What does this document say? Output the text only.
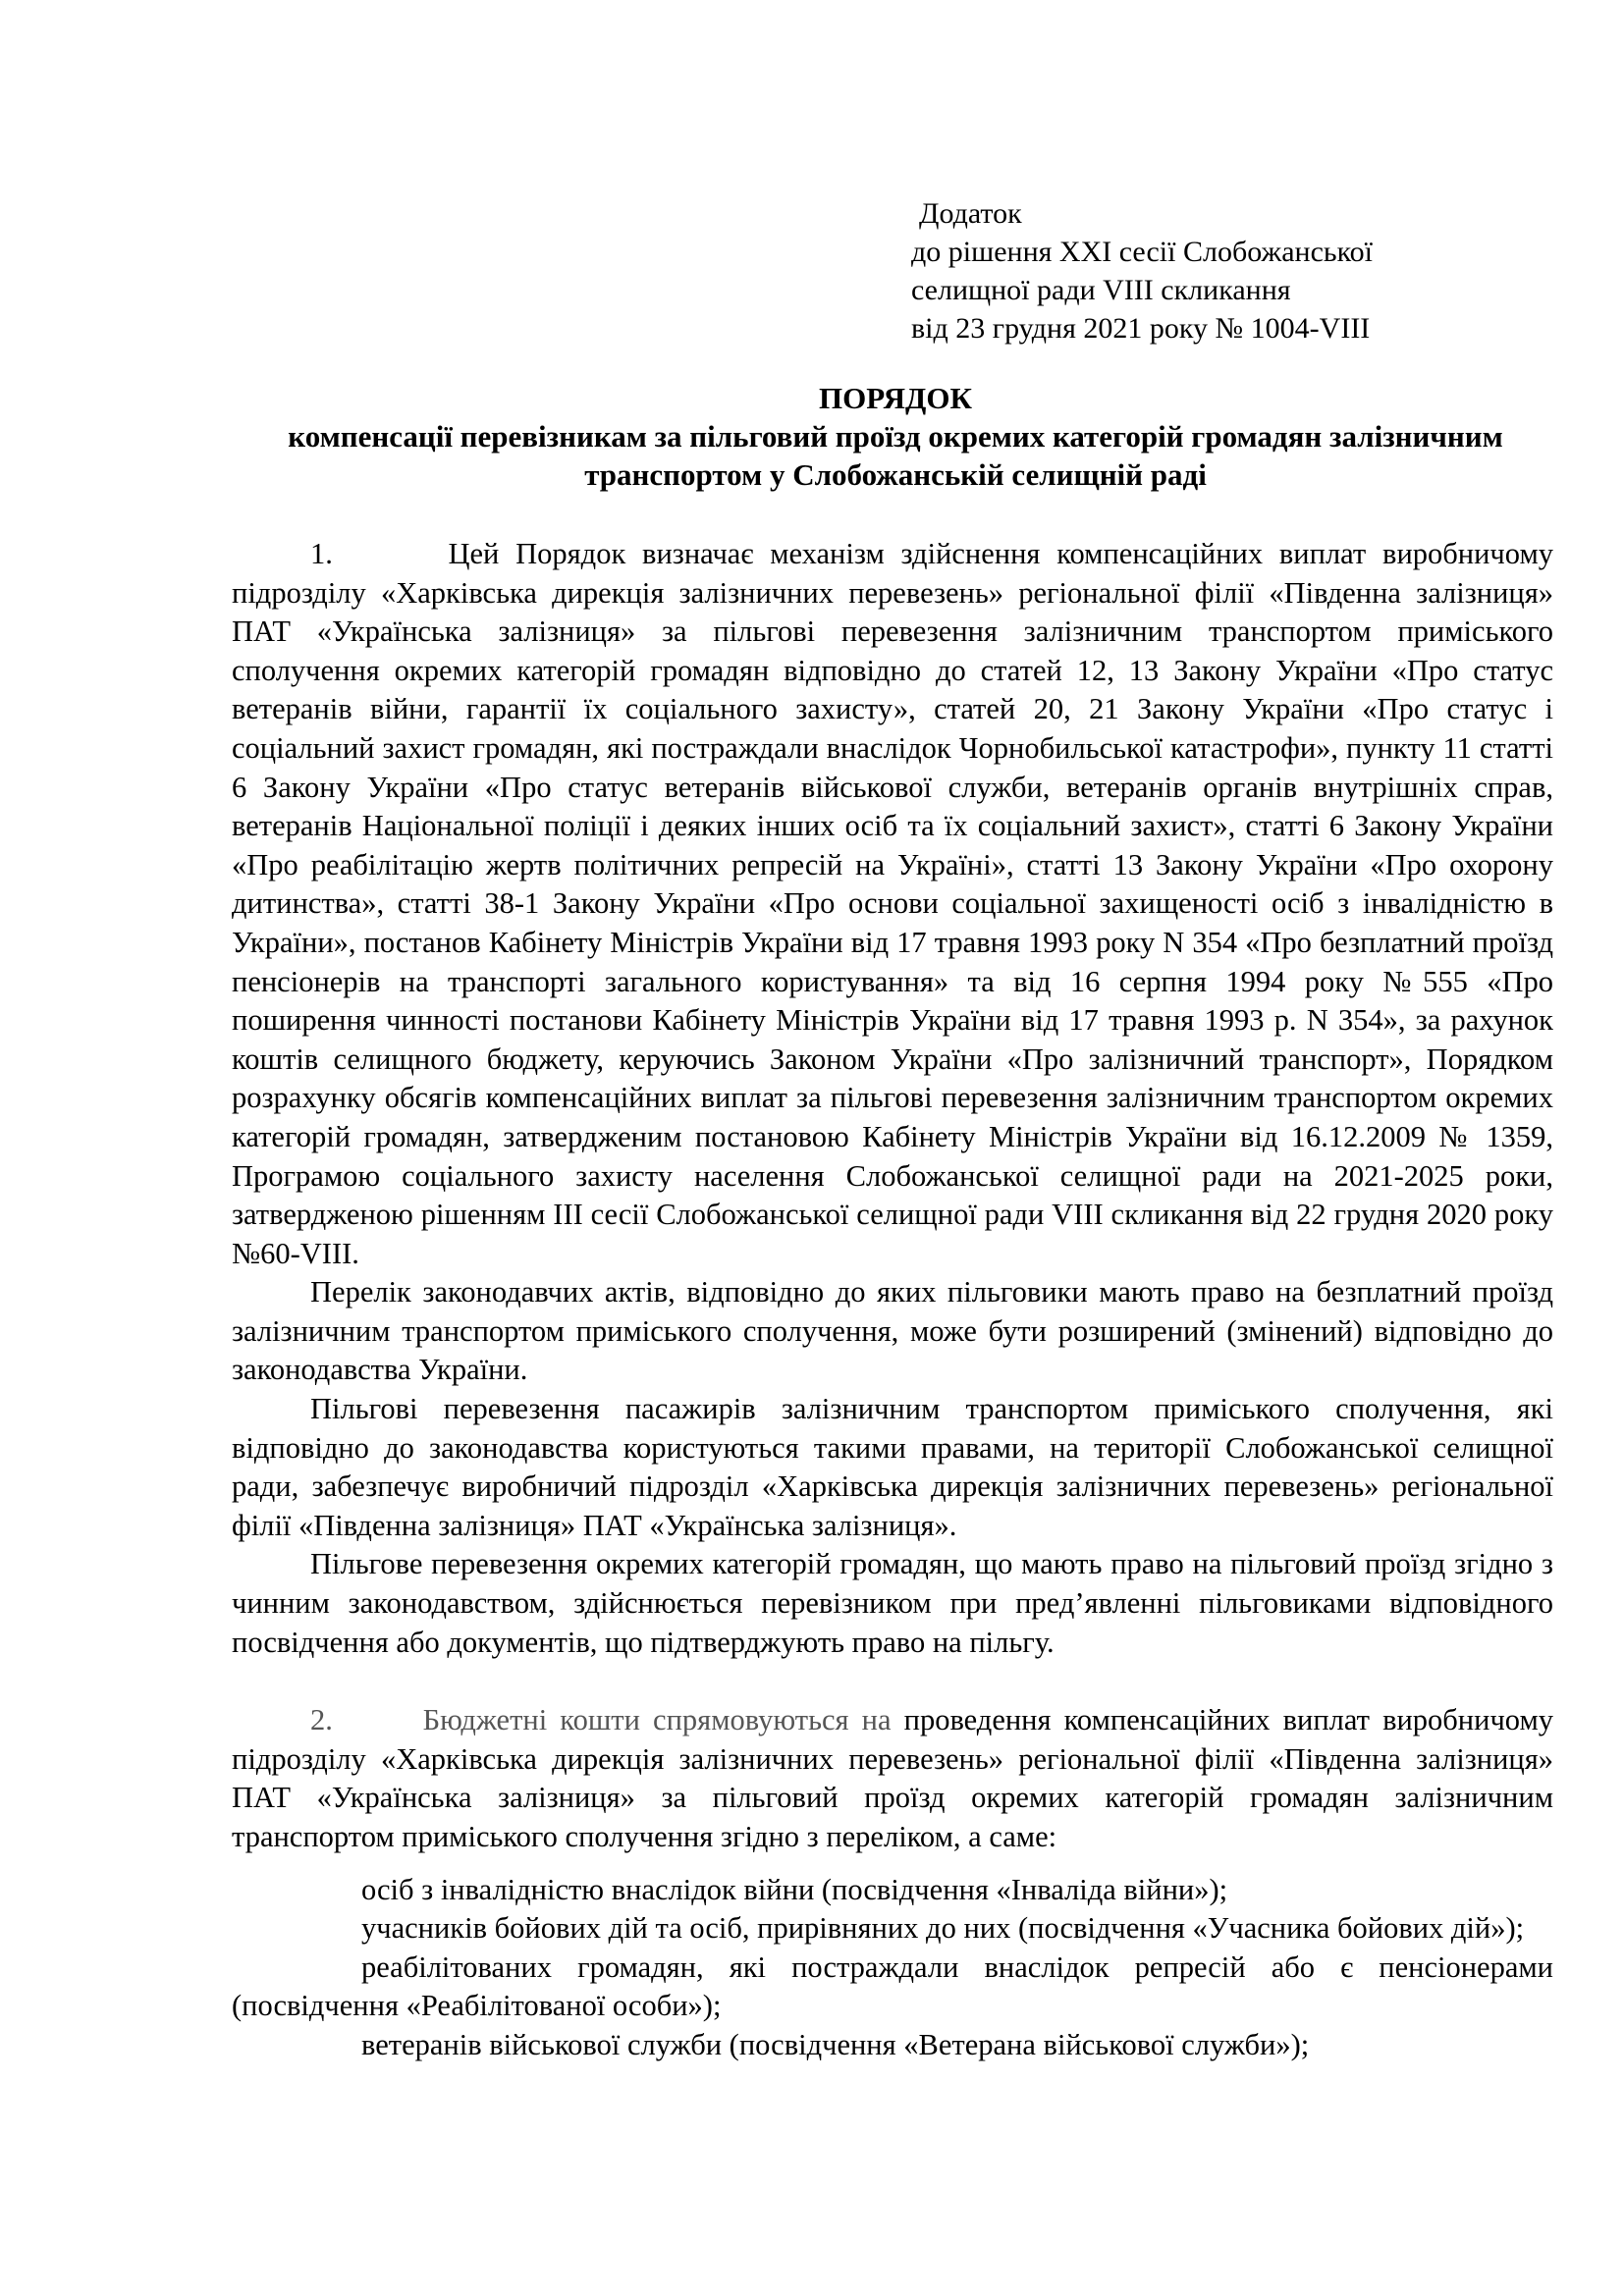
Додаток
до рішення XXI сесії Слобожанської
селищної ради VIII скликання
від 23 грудня 2021 року № 1004-VIII
ПОРЯДОК
компенсації перевізникам за пільговий проїзд окремих категорій громадян залізничним транспортом у Слобожанській селищній раді

1.	Цей Порядок визначає механізм здійснення компенсаційних виплат виробничому підрозділу «Харківська дирекція залізничних перевезень» регіональної філії «Південна залізниця» ПАТ «Українська залізниця» за пільгові перевезення залізничним транспортом приміського сполучення окремих категорій громадян відповідно до статей 12, 13 Закону України «Про статус ветеранів війни, гарантії їх соціального захисту», статей 20, 21 Закону України «Про статус і соціальний захист громадян, які постраждали внаслідок Чорнобильської катастрофи», пункту 11 статті 6 Закону України «Про статус ветеранів військової служби, ветеранів органів внутрішніх справ, ветеранів Національної поліції і деяких інших осіб та їх соціальний захист», статті 6 Закону України «Про реабілітацію жертв політичних репресій на Україні», статті 13 Закону України «Про охорону дитинства», статті 38-1 Закону України «Про основи соціальної захищеності осіб з інвалідністю в України», постанов Кабінету Міністрів України від 17 травня 1993 року N 354 «Про безплатний проїзд пенсіонерів на транспорті загального користування» та від 16 серпня 1994 року №555 «Про поширення чинності постанови Кабінету Міністрів України від 17 травня 1993 р. N 354», за рахунок коштів селищного бюджету, керуючись Законом України «Про залізничний транспорт», Порядком розрахунку обсягів компенсаційних виплат за пільгові перевезення залізничним транспортом окремих категорій громадян, затвердженим постановою Кабінету Міністрів України від 16.12.2009 № 1359, Програмою соціального захисту населення Слобожанської селищної ради на 2021-2025 роки, затвердженою рішенням III сесії Слобожанської селищної ради VIII скликання від 22 грудня 2020 року №60-VIII.

Перелік законодавчих актів, відповідно до яких пільговики мають право на безплатний проїзд залізничним транспортом приміського сполучення, може бути розширений (змінений) відповідно до законодавства України.

Пільгові перевезення пасажирів залізничним транспортом приміського сполучення, які відповідно до законодавства користуються такими правами, на території Слобожанської селищної ради, забезпечує виробничий підрозділ «Харківська дирекція залізничних перевезень» регіональної філії «Південна залізниця» ПАТ «Українська залізниця».

Пільгове перевезення окремих категорій громадян, що мають право на пільговий проїзд згідно з чинним законодавством, здійснюється перевізником при пред’явленні пільговиками відповідного посвідчення або документів, що підтверджують право на пільгу.

2.	Бюджетні кошти спрямовуються на проведення компенсаційних виплат виробничому підрозділу «Харківська дирекція залізничних перевезень» регіональної філії «Південна залізниця» ПАТ «Українська залізниця» за пільговий проїзд окремих категорій громадян залізничним транспортом приміського сполучення згідно з переліком, а саме:

осіб з інвалідністю внаслідок війни (посвідчення «Інваліда війни»);

учасників бойових дій та осіб, прирівняних до них (посвідчення «Учасника бойових дій»);

реабілітованих громадян, які постраждали внаслідок репресій або є пенсіонерами (посвідчення «Реабілітованої особи»);

ветеранів військової служби (посвідчення «Ветерана військової служби»);
